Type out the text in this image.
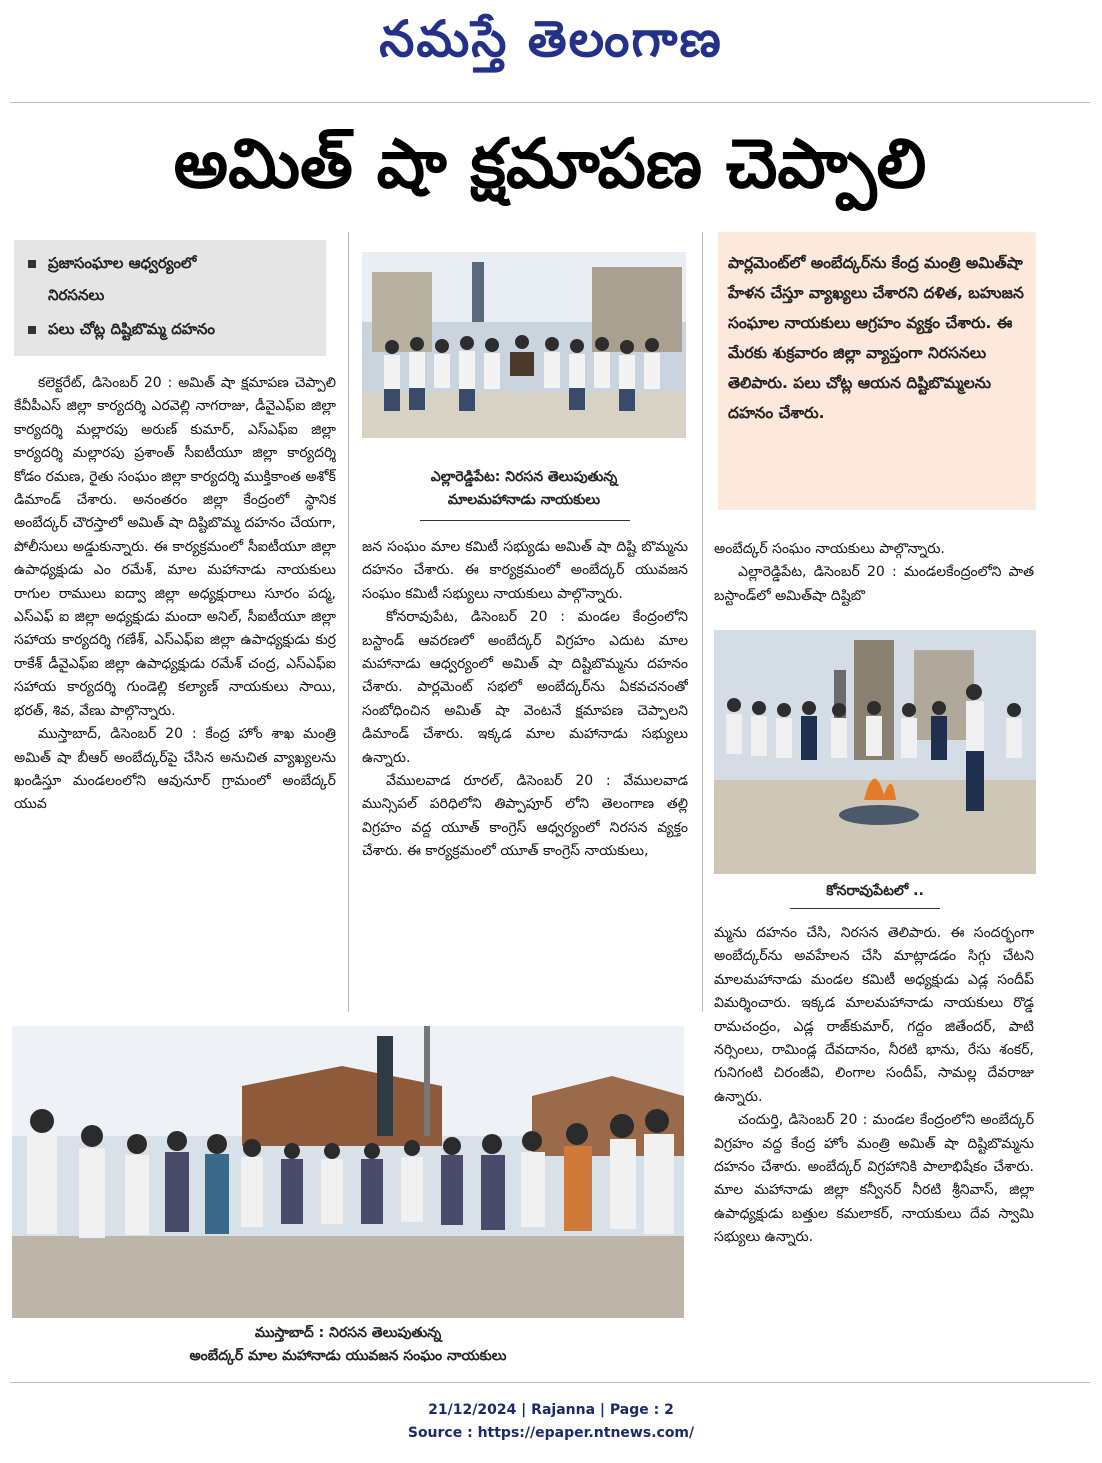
నమస్తే తెలంగాణ
అమిత్ షా క్షమాపణ చెప్పాలి
ప్రజాసంఘాల ఆధ్వర్యంలో
నిరసనలు
పలు చోట్ల దిష్టిబొమ్మ దహనం

కలెక్టరేట్, డిసెంబర్ 20 : అమిత్ షా క్షమాపణ చెప్పాలి కేవీపీఎస్ జిల్లా కార్యదర్శి ఎరవెల్లి నాగరాజు, డీవైఎఫ్ఐ జిల్లా కార్యదర్శి మల్లారపు అరుణ్ కుమార్, ఎస్ఎఫ్ఐ జిల్లా కార్యదర్శి మల్లారపు ప్రశాంత్ సీఐటీయూ జిల్లా కార్యదర్శి కోడం రమణ, రైతు సంఘం జిల్లా కార్యదర్శి ముక్తికాంత అశోక్ డిమాండ్ చేశారు. అనంతరం జిల్లా కేంద్రంలో స్థానిక అంబేద్కర్ చౌరస్తాలో అమిత్ షా దిష్టిబొమ్మ దహనం చేయగా, పోలీసులు అడ్డుకున్నారు. ఈ కార్యక్రమంలో సీఐటీయూ జిల్లా ఉపాధ్యక్షుడు ఎం రమేశ్, మాల మహానాడు నాయకులు రాగుల రాములు ఐద్వా జిల్లా అధ్యక్షురాలు సూరం పద్మ, ఎస్ఎఫ్ ఐ జిల్లా అధ్యక్షుడు మందా అనిల్, సీఐటీయూ జిల్లా సహాయ కార్యదర్శి గణేశ్, ఎస్ఎఫ్ఐ జిల్లా ఉపాధ్యక్షుడు కుర్ర రాకేశ్ డీవైఎఫ్ఐ జిల్లా ఉపాధ్యక్షుడు రమేశ్ చంద్ర, ఎస్ఎఫ్ఐ సహాయ కార్యదర్శి గుండెల్లి కల్యాణ్ నాయకులు సాయి, భరత్, శివ, వేణు పాల్గొన్నారు.

ముస్తాబాద్, డిసెంబర్ 20 : కేంద్ర హోం శాఖ మంత్రి అమిత్ షా బీఆర్ అంబేద్కర్‌పై చేసిన అనుచిత వ్యాఖ్యలను ఖండిస్తూ మండలంలోని ఆవునూర్ గ్రామంలో అంబేద్కర్ యువ

ఎల్లారెడ్డిపేట: నిరసన తెలుపుతున్న
మాలమహానాడు నాయకులు

జన సంఘం మాల కమిటీ సభ్యుడు అమిత్ షా దిష్టి బొమ్మను దహనం చేశారు. ఈ కార్యక్రమంలో అంబేద్కర్ యువజన సంఘం కమిటీ సభ్యులు నాయకులు పాల్గొన్నారు.

కోనరావుపేట, డిసెంబర్ 20 : మండల కేంద్రంలోని బస్టాండ్ ఆవరణలో అంబేద్కర్ విగ్రహం ఎదుట మాల మహానాడు ఆధ్వర్యంలో అమిత్ షా దిష్టిబొమ్మను దహనం చేశారు. పార్లమెంట్ సభలో అంబేద్కర్‌ను ఏకవచనంతో సంబోధించిన అమిత్ షా వెంటనే క్షమాపణ చెప్పాలని డిమాండ్ చేశారు. ఇక్కడ మాల మహానాడు సభ్యులు ఉన్నారు.

వేములవాడ రూరల్, డిసెంబర్ 20 : వేములవాడ మున్సిపల్ పరిధిలోని తిప్పాపూర్ లోని తెలంగాణ తల్లి విగ్రహం వద్ద యూత్ కాంగ్రెస్ ఆధ్వర్యంలో నిరసన వ్యక్తం చేశారు. ఈ కార్యక్రమంలో యూత్ కాంగ్రెస్ నాయకులు,

పార్లమెంట్‌లో అంబేద్కర్‌ను కేంద్ర మంత్రి అమిత్‌షా హేళన చేస్తూ వ్యాఖ్యలు చేశారని దళిత, బహుజన సంఘాల నాయకులు ఆగ్రహం వ్యక్తం చేశారు. ఈ మేరకు శుక్రవారం జిల్లా వ్యాప్తంగా నిరసనలు తెలిపారు. పలు చోట్ల ఆయన దిష్టిబొమ్మలను దహనం చేశారు.

అంబేద్కర్ సంఘం నాయకులు పాల్గొన్నారు.

ఎల్లారెడ్డిపేట, డిసెంబర్ 20 : మండలకేంద్రంలోని పాత బస్టాండ్‌లో అమిత్‌షా దిష్టిబొ

కోనరావుపేటలో ..

మ్మను దహనం చేసి, నిరసన తెలిపారు. ఈ సందర్భంగా అంబేద్కర్‌ను అవహేలన చేసి మాట్లాడడం సిగ్గు చేటని మాలమహానాడు మండల కమిటీ అధ్యక్షుడు ఎడ్ల సందీప్ విమర్శించారు. ఇక్కడ మాలమహానాడు నాయకులు రొడ్డ రామచంద్రం, ఎడ్ల రాజ్‌కుమార్, గద్దం జితేందర్, పాటి నర్సింలు, రామిండ్ల దేవదానం, నీరటి భాను, రేసు శంకర్, గునిగంటి చిరంజీవి, లింగాల సందీప్, సామల్ల దేవరాజు ఉన్నారు.

చందుర్తి, డిసెంబర్ 20 : మండల కేంద్రంలోని అంబేద్కర్ విగ్రహం వద్ద కేంద్ర హోం మంత్రి అమిత్ షా దిష్టిబొమ్మను దహనం చేశారు. అంబేద్కర్ విగ్రహానికి పాలాభిషేకం చేశారు. మాల మహానాడు జిల్లా కన్వీనర్ నీరటి శ్రీనివాస్, జిల్లా ఉపాధ్యక్షుడు బత్తుల కమలాకర్, నాయకులు దేవ స్వామి సభ్యులు ఉన్నారు.

ముస్తాబాద్ : నిరసన తెలుపుతున్న
అంబేద్కర్ మాల మహానాడు యువజన సంఘం నాయకులు
21/12/2024 | Rajanna | Page : 2
Source : https://epaper.ntnews.com/
